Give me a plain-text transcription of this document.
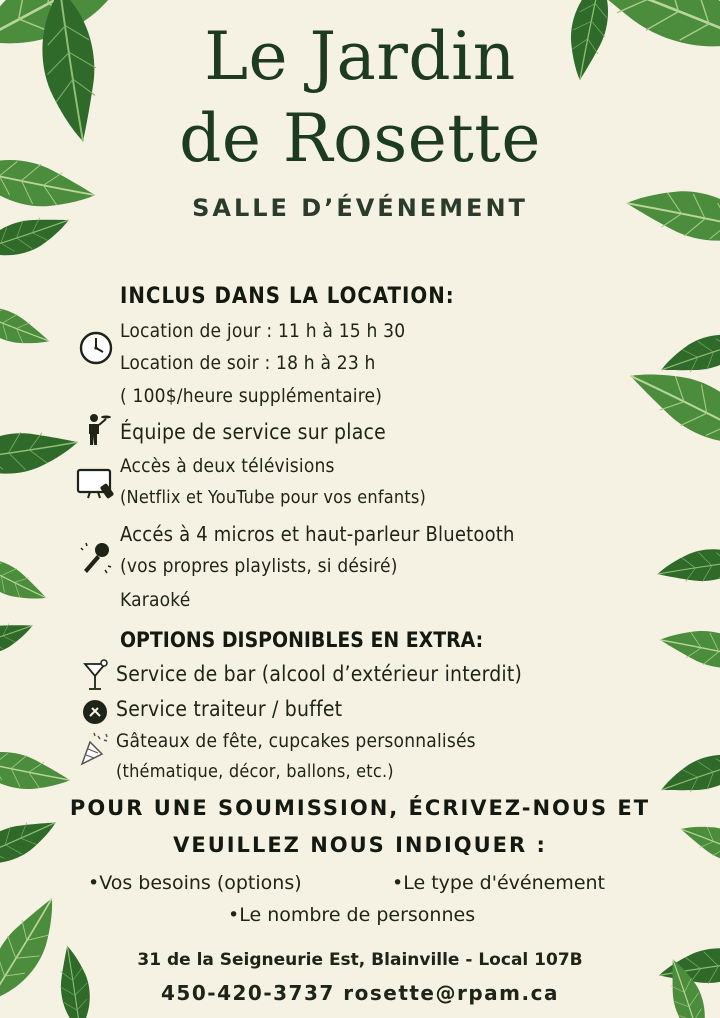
Le Jardin
de Rosette
SALLE D’ÉVÉNEMENT
INCLUS DANS LA LOCATION:
Location de jour : 11 h à 15 h 30
Location de soir : 18 h à 23 h
( 100$/heure supplémentaire)
Équipe de service sur place
Accès à deux télévisions
(Netflix et YouTube pour vos enfants)
Accés à 4 micros et haut-parleur Bluetooth
(vos propres playlists, si désiré)
Karaoké
OPTIONS DISPONIBLES EN EXTRA:
Service de bar (alcool d’extérieur interdit)
Service traiteur / buffet
Gâteaux de fête, cupcakes personnalisés
(thématique, décor, ballons, etc.)
POUR UNE SOUMISSION, ÉCRIVEZ-NOUS ET
VEUILLEZ NOUS INDIQUER :
•Vos besoins (options)	•Le type d'événement
•Le nombre de personnes
31 de la Seigneurie Est, Blainville - Local 107B
450-420-3737 rosette@rpam.ca
